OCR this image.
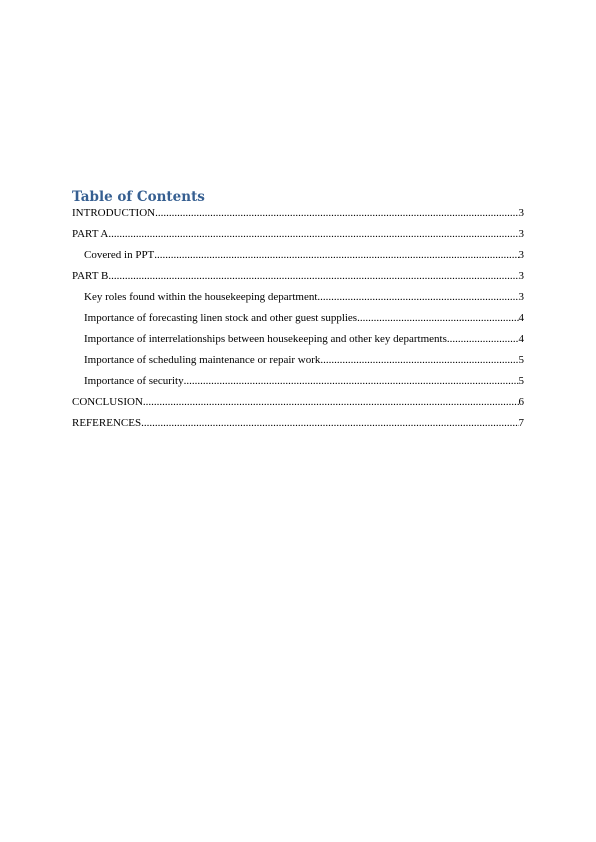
Table of Contents
INTRODUCTION .....	3
PART A .....	3
Covered in PPT .....	3
PART B .....	3
Key roles found within the housekeeping department .....	3
Importance of forecasting linen stock and other guest supplies .....	4
Importance of interrelationships between housekeeping and other key departments .....	4
Importance of scheduling maintenance or repair work .....	5
Importance of security .....	5
CONCLUSION .....	6
REFERENCES .....	7
